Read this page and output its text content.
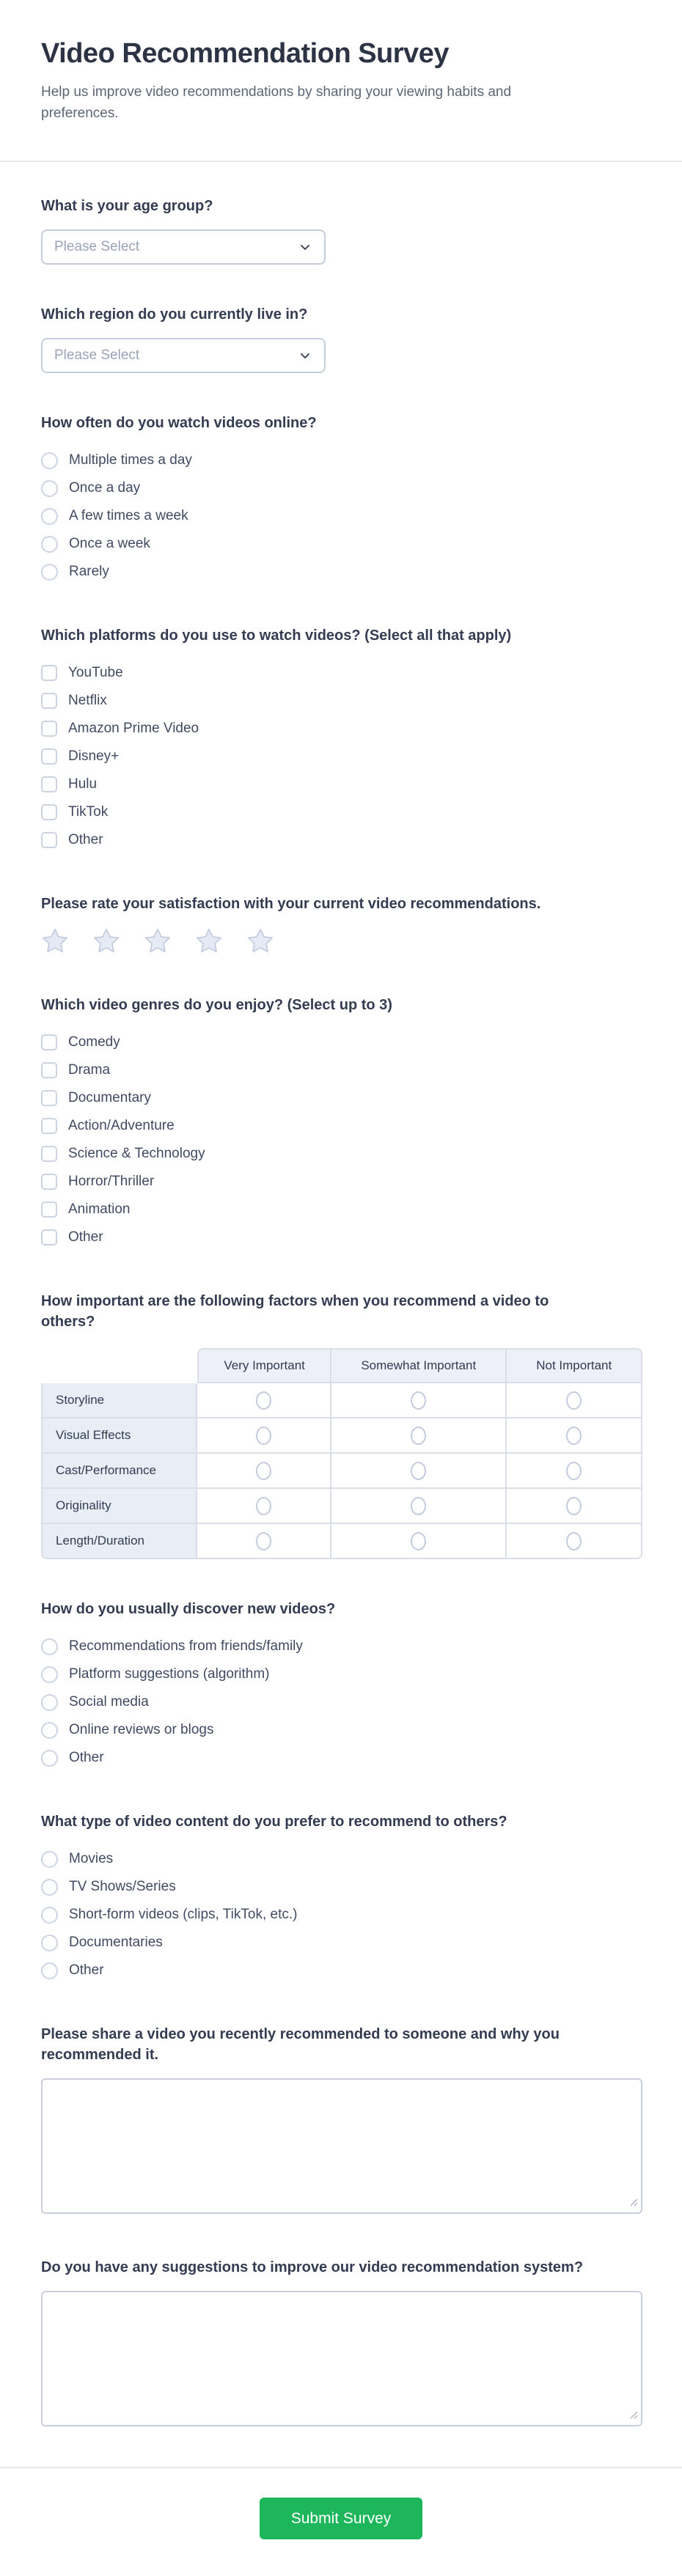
Video Recommendation Survey

Help us improve video recommendations by sharing your viewing habits and preferences.

What is your age group?
Please Select
Which region do you currently live in?
Please Select
How often do you watch videos online?
Multiple times a day
Once a day
A few times a week
Once a week
Rarely
Which platforms do you use to watch videos? (Select all that apply)
YouTube
Netflix
Amazon Prime Video
Disney+
Hulu
TikTok
Other
Please rate your satisfaction with your current video recommendations.
Which video genres do you enjoy? (Select up to 3)
Comedy
Drama
Documentary
Action/Adventure
Science & Technology
Horror/Thriller
Animation
Other
How important are the following factors when you recommend a video to others?
Very Important	Somewhat Important	Not Important
Storyline
Visual Effects
Cast/Performance
Originality
Length/Duration
How do you usually discover new videos?
Recommendations from friends/family
Platform suggestions (algorithm)
Social media
Online reviews or blogs
Other
What type of video content do you prefer to recommend to others?
Movies
TV Shows/Series
Short-form videos (clips, TikTok, etc.)
Documentaries
Other
Please share a video you recently recommended to someone and why you recommended it.
Do you have any suggestions to improve our video recommendation system?
Submit Survey
